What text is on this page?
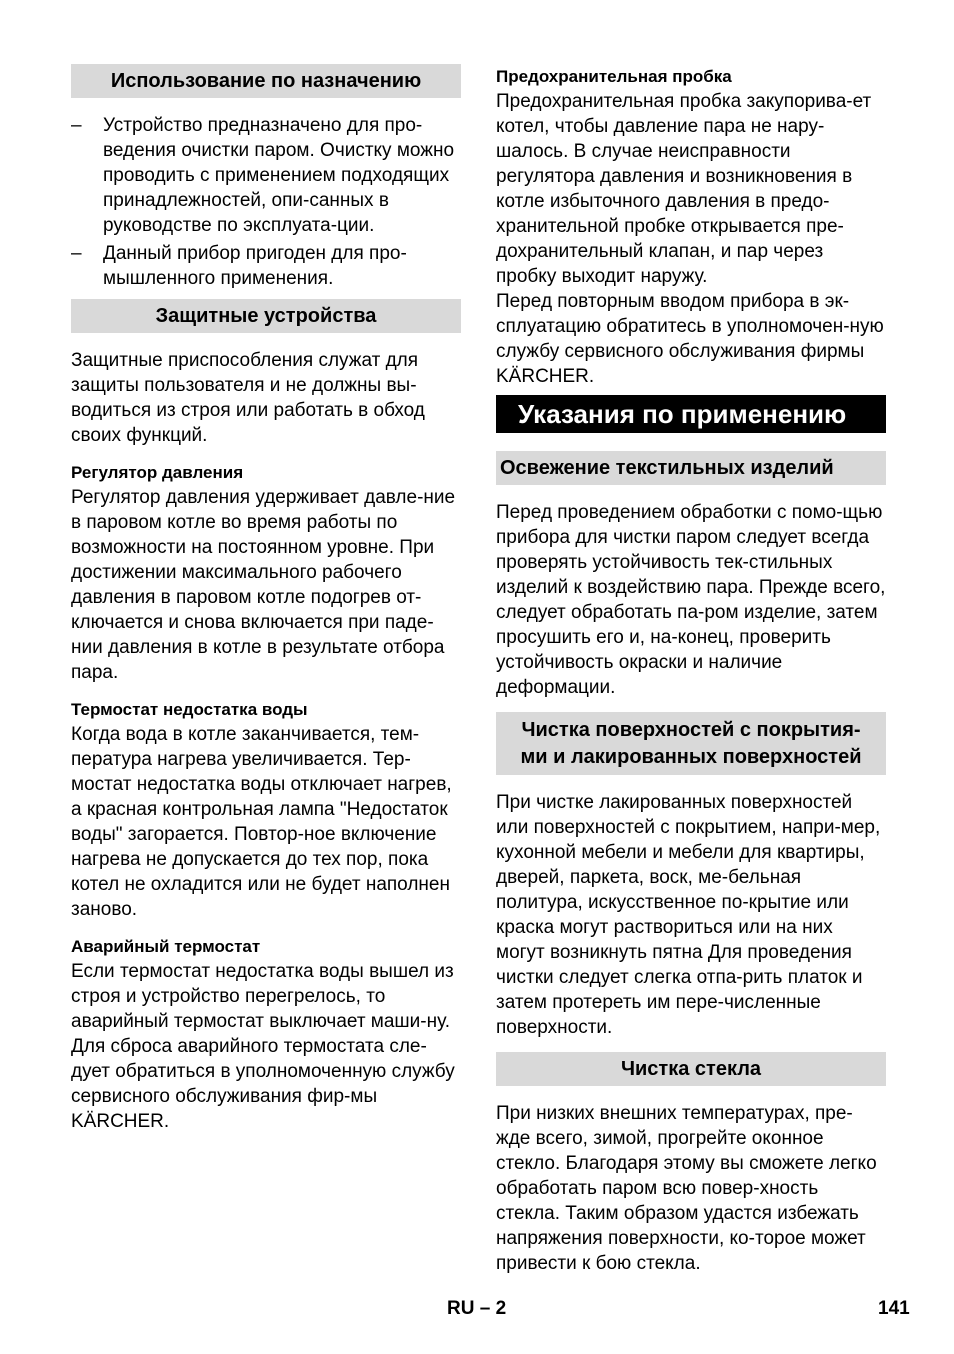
Использование по назначению
–	Устройство предназначено для про-ведения очистки паром. Очистку можно проводить с применением подходящих принадлежностей, опи-санных в руководстве по эксплуата-ции.
–	Данный прибор пригоден для про-мышленного применения.
Защитные устройства

Защитные приспособления служат для защиты пользователя и не должны вы-водиться из строя или работать в обход своих функций.

Регулятор давления

Регулятор давления удерживает давле-ние в паровом котле во время работы по возможности на постоянном уровне. При достижении максимального рабочего давления в паровом котле подогрев от-ключается и снова включается при паде-нии давления в котле в результате отбора пара.

Термостат недостатка воды

Когда вода в котле заканчивается, тем-пература нагрева увеличивается. Тер-мостат недостатка воды отключает нагрев, а красная контрольная лампа "Недостаток воды" загорается. Повтор-ное включение нагрева не допускается до тех пор, пока котел не охладится или не будет наполнен заново.

Аварийный термостат

Если термостат недостатка воды вышел из строя и устройство перегрелось, то аварийный термостат выключает маши-ну.

Для сброса аварийного термостата сле-дует обратиться в уполномоченную службу сервисного обслуживания фир-мы KÄRCHER.

Предохранительная пробка

Предохранительная пробка закупорива-ет котел, чтобы давление пара не нару-шалось. В случае неисправности регулятора давления и возникновения в котле избыточного давления в предо-хранительной пробке открывается пре-дохранительный клапан, и пар через пробку выходит наружу.

Перед повторным вводом прибора в эк-сплуатацию обратитесь в уполномочен-ную службу сервисного обслуживания фирмы KÄRCHER.

Указания по применению
Освежение текстильных изделий

Перед проведением обработки с помо-щью прибора для чистки паром следует всегда проверять устойчивость тек-стильных изделий к воздействию пара. Прежде всего, следует обработать па-ром изделие, затем просушить его и, на-конец, проверить устойчивость окраски и наличие деформации.

Чистка поверхностей с покрытия-
ми и лакированных поверхностей

При чистке лакированных поверхностей или поверхностей с покрытием, напри-мер, кухонной мебели и мебели для квартиры, дверей, паркета, воск, ме-бельная политура, искусственное по-крытие или краска могут раствориться или на них могут возникнуть пятна Для проведения чистки следует слегка отпа-рить платок и затем протереть им пере-численные поверхности.

Чистка стекла

При низких внешних температурах, пре-жде всего, зимой, прогрейте оконное стекло. Благодаря этому вы сможете легко обработать паром всю повер-хность стекла. Таким образом удастся избежать напряжения поверхности, ко-торое может привести к бою стекла.

RU – 2	141
